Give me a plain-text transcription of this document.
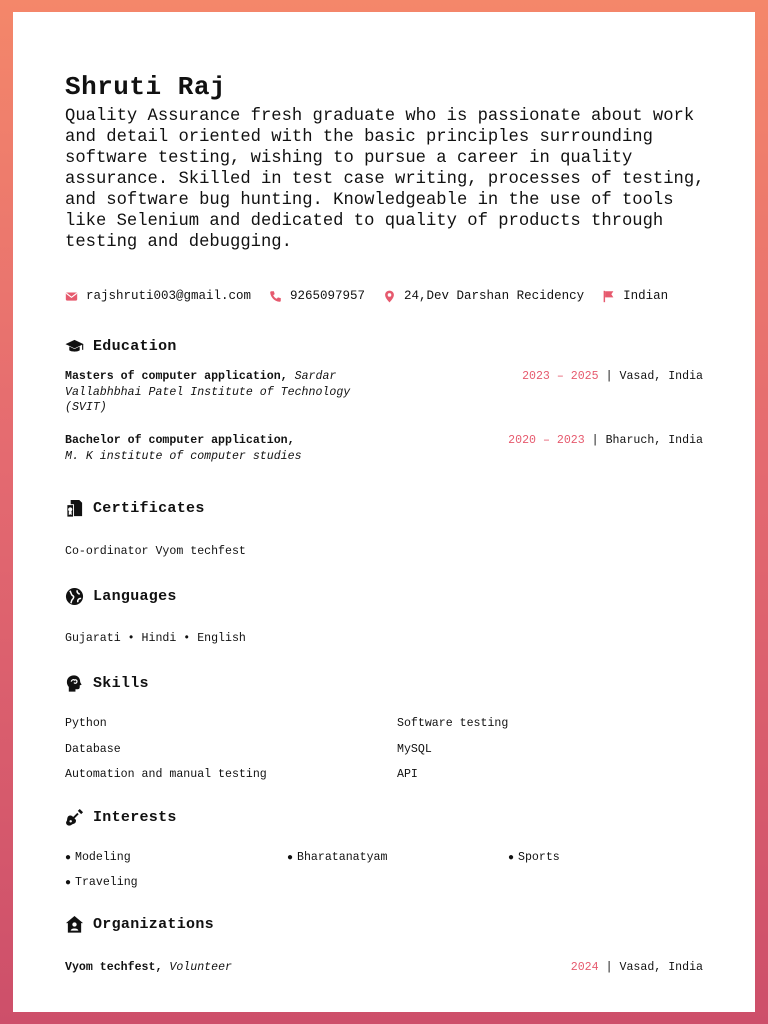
Shruti Raj

Quality Assurance fresh graduate who is passionate about work and detail oriented with the basic principles surrounding software testing, wishing to pursue a career in quality assurance. Skilled in test case writing, processes of testing, and software bug hunting. Knowledgeable in the use of tools like Selenium and dedicated to quality of products through testing and debugging.

rajshruti003@gmail.com	9265097957	24,Dev Darshan Recidency	Indian
Education
Masters of computer application, Sardar Vallabhbhai Patel Institute of Technology (SVIT)
2023 – 2025 | Vasad, India
Bachelor of computer application,
M. K institute of computer studies
2020 – 2023 | Bharuch, India
Certificates
Co-ordinator Vyom techfest
Languages
Gujarati • Hindi • English
Skills
Python	Software testing
Database	MySQL
Automation and manual testing	API
Interests
● Modeling	● Bharatanatyam	● Sports
● Traveling
Organizations
Vyom techfest, Volunteer	2024 | Vasad, India
